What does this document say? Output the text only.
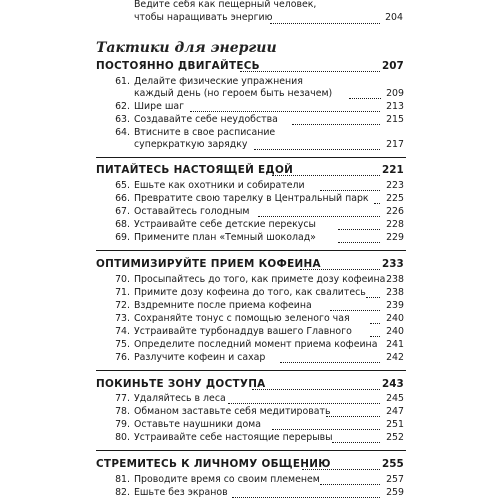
Ведите себя как пещерный человек,
чтобы наращивать энергию	204
Тактики для энергии
ПОСТОЯННО ДВИГАЙТЕСЬ	207
61. Делайте физические упражнения
каждый день (но героем быть незачем)	209
62. Шире шаг	213
63. Создавайте себе неудобства	215
64. Втисните в свое расписание
суперкраткую зарядку	217
ПИТАЙТЕСЬ НАСТОЯЩЕЙ ЕДОЙ	221
65. Ешьте как охотники и собиратели	223
66. Превратите свою тарелку в Центральный парк	225
67. Оставайтесь голодным	226
68. Устраивайте себе детские перекусы	228
69. Примените план «Темный шоколад»	229
ОПТИМИЗИРУЙТЕ ПРИЕМ КОФЕИНА	233
70. Просыпайтесь до того, как примете дозу кофеина 238
71. Примите дозу кофеина до того, как свалитесь	238
72. Вздремните после приема кофеина	239
73. Сохраняйте тонус с помощью зеленого чая	240
74. Устраивайте турбонаддув вашего Главного	240
75. Определите последний момент приема кофеина 241
76. Разлучите кофеин и сахар	242
ПОКИНЬТЕ ЗОНУ ДОСТУПА	243
77. Удаляйтесь в леса	245
78. Обманом заставьте себя медитировать	247
79. Оставьте наушники дома	251
80. Устраивайте себе настоящие перерывы	252
СТРЕМИТЕСЬ К ЛИЧНОМУ ОБЩЕНИЮ	255
81. Проводите время со своим племенем	257
82. Ешьте без экранов	259
